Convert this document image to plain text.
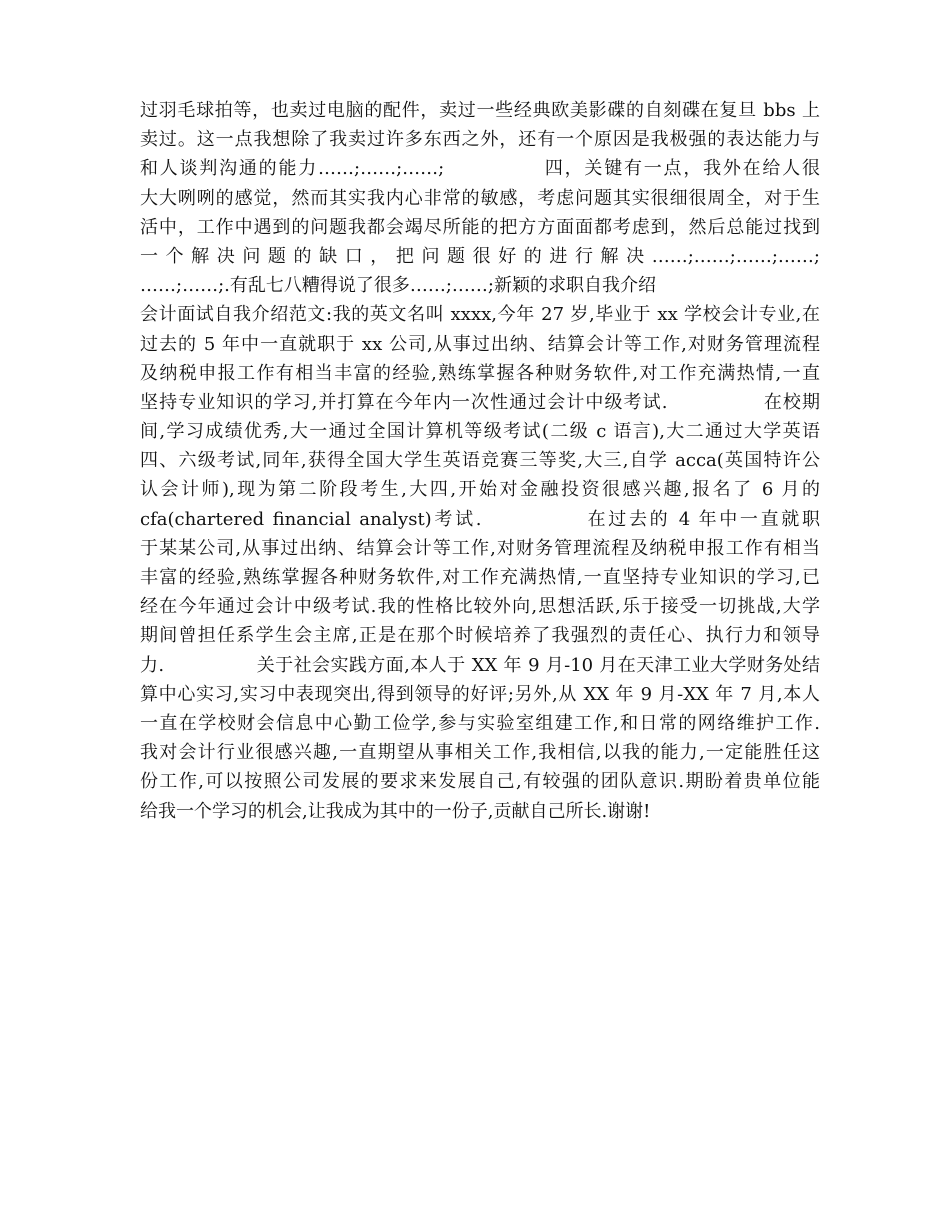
过羽毛球拍等，也卖过电脑的配件，卖过一些经典欧美影碟的自刻碟在复旦 bbs 上
卖过。这一点我想除了我卖过许多东西之外，还有一个原因是我极强的表达能力与
和人谈判沟通的能力……;……;……;　　　　　四，关键有一点，我外在给人很
大大咧咧的感觉，然而其实我内心非常的敏感，考虑问题其实很细很周全，对于生
活中，工作中遇到的问题我都会竭尽所能的把方方面面都考虑到，然后总能过找到
一个解决问题的缺口，把问题很好的进行解决……;……;……;……;　　　　　　　
……;……;.有乱七八糟得说了很多……;……;新颖的求职自我介绍
会计面试自我介绍范文:我的英文名叫 xxxx,今年 27 岁,毕业于 xx 学校会计专业,在
过去的 5 年中一直就职于 xx 公司,从事过出纳、结算会计等工作,对财务管理流程
及纳税申报工作有相当丰富的经验,熟练掌握各种财务软件,对工作充满热情,一直
坚持专业知识的学习,并打算在今年内一次性通过会计中级考试.　　　　　在校期
间,学习成绩优秀,大一通过全国计算机等级考试(二级 c 语言),大二通过大学英语
四、六级考试,同年,获得全国大学生英语竞赛三等奖,大三,自学 acca(英国特许公
认会计师),现为第二阶段考生,大四,开始对金融投资很感兴趣,报名了 6 月的
cfa(chartered financial analyst)考试.　　　　　在过去的 4 年中一直就职
于某某公司,从事过出纳、结算会计等工作,对财务管理流程及纳税申报工作有相当
丰富的经验,熟练掌握各种财务软件,对工作充满热情,一直坚持专业知识的学习,已
经在今年通过会计中级考试.我的性格比较外向,思想活跃,乐于接受一切挑战,大学
期间曾担任系学生会主席,正是在那个时候培养了我强烈的责任心、执行力和领导
力.　　　　　关于社会实践方面,本人于 XX 年 9 月-10 月在天津工业大学财务处结
算中心实习,实习中表现突出,得到领导的好评;另外,从 XX 年 9 月-XX 年 7 月,本人
一直在学校财会信息中心勤工俭学,参与实验室组建工作,和日常的网络维护工作.
我对会计行业很感兴趣,一直期望从事相关工作,我相信,以我的能力,一定能胜任这
份工作,可以按照公司发展的要求来发展自己,有较强的团队意识.期盼着贵单位能
给我一个学习的机会,让我成为其中的一份子,贡献自己所长.谢谢!
